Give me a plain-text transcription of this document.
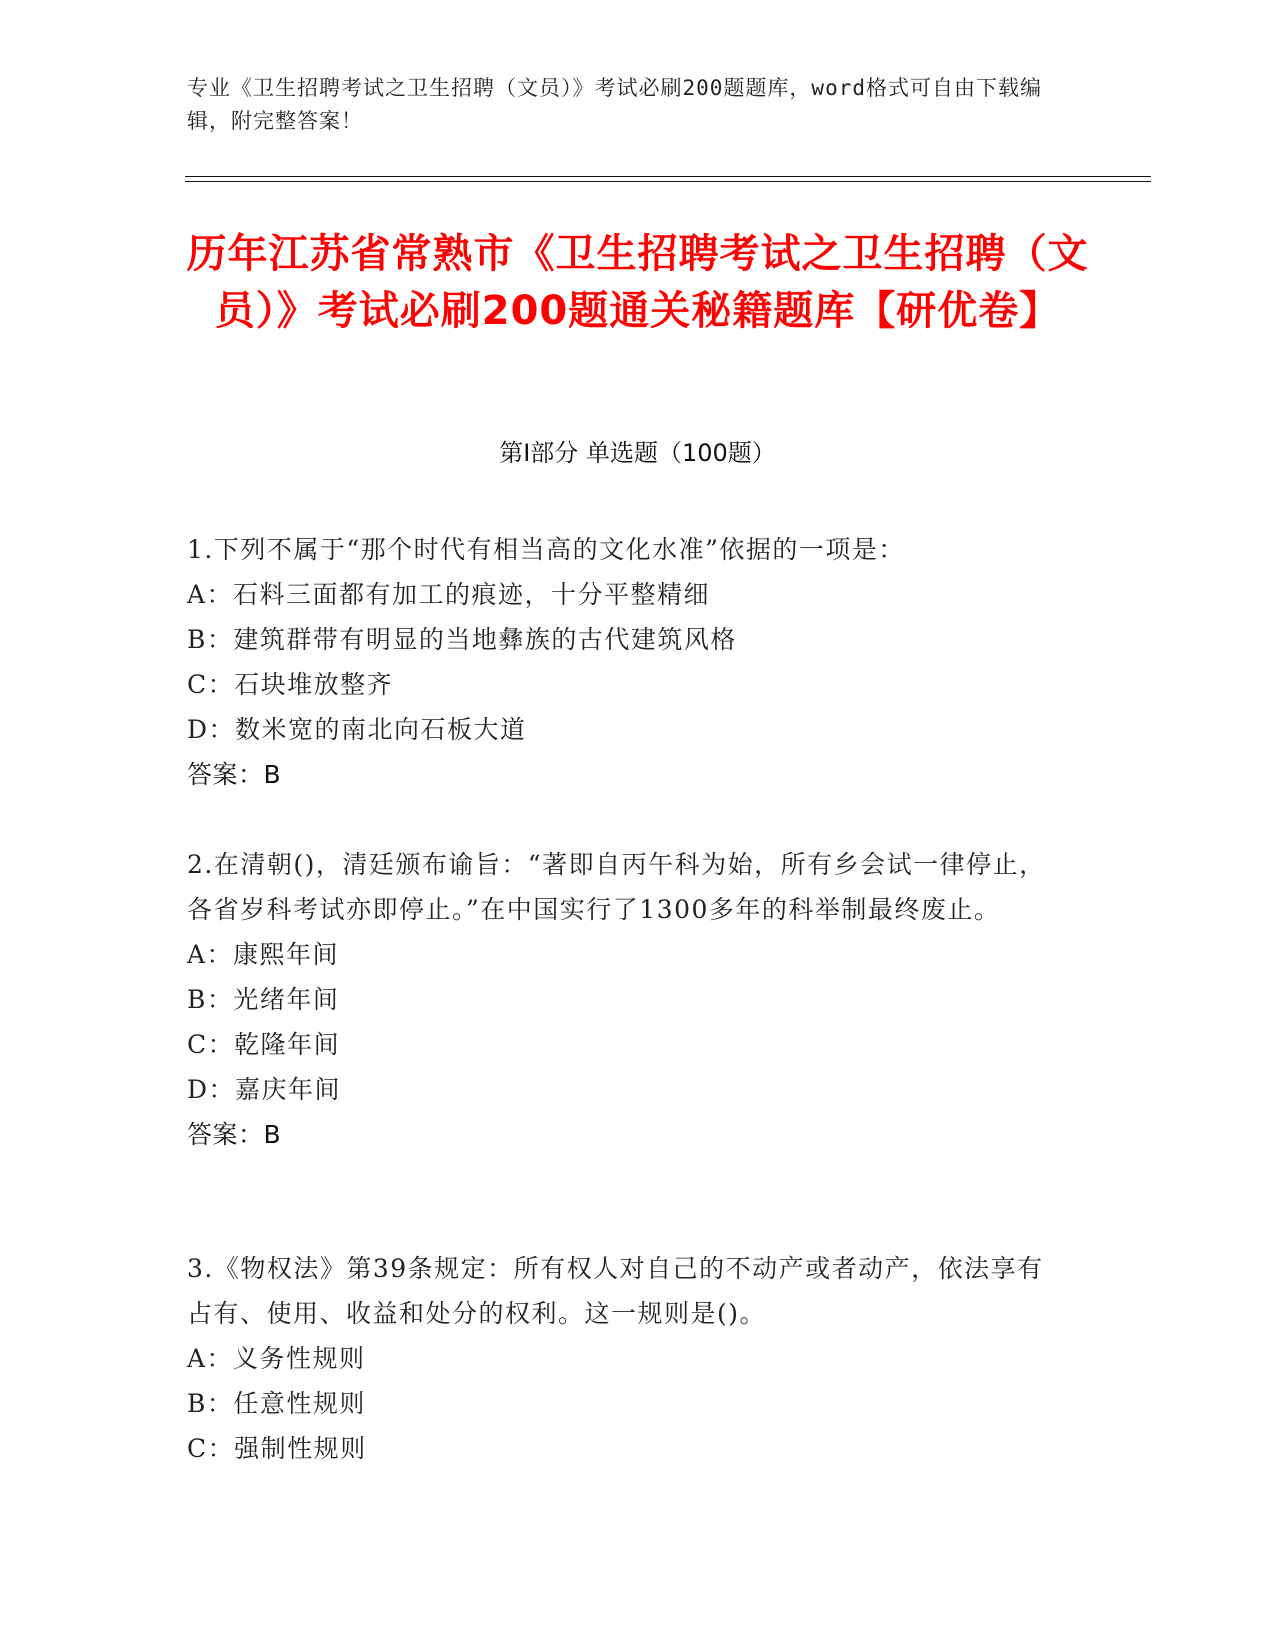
专业《卫生招聘考试之卫生招聘（文员）》考试必刷200题题库，word格式可自由下载编辑，附完整答案！
历年江苏省常熟市《卫生招聘考试之卫生招聘（文员）》考试必刷200题通关秘籍题库【研优卷】
第I部分 单选题（100题）
1.下列不属于“那个时代有相当高的文化水准”依据的一项是：
A：石料三面都有加工的痕迹，十分平整精细
B：建筑群带有明显的当地彝族的古代建筑风格
C：石块堆放整齐
D：数米宽的南北向石板大道
答案：B
2.在清朝()，清廷颁布谕旨：“著即自丙午科为始，所有乡会试一律停止，各省岁科考试亦即停止。”在中国实行了1300多年的科举制最终废止。
A：康熙年间
B：光绪年间
C：乾隆年间
D：嘉庆年间
答案：B
3.《物权法》第39条规定：所有权人对自己的不动产或者动产，依法享有占有、使用、收益和处分的权利。这一规则是()。
A：义务性规则
B：任意性规则
C：强制性规则
